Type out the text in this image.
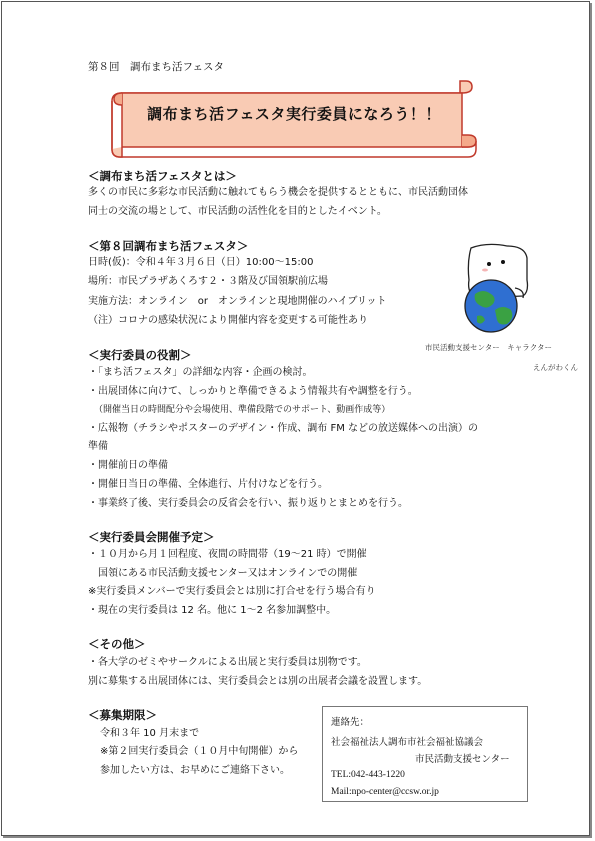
第８回　調布まち活フェスタ
調布まち活フェスタ実行委員になろう！！
＜調布まち活フェスタとは＞
多くの市民に多彩な市民活動に触れてもらう機会を提供するとともに、市民活動団体
同士の交流の場として、市民活動の活性化を目的としたイベント。
＜第８回調布まち活フェスタ＞
日時(仮)：令和４年３月６日（日）10:00～15:00
場所：市民プラザあくろす２・３階及び国領駅前広場
実施方法：オンライン　or　オンラインと現地開催のハイブリット
（注）コロナの感染状況により開催内容を変更する可能性あり
市民活動支援センター　キャラクター
えんがわくん
＜実行委員の役割＞
・「まち活フェスタ」の詳細な内容・企画の検討。
・出展団体に向けて、しっかりと準備できるよう情報共有や調整を行う。
（開催当日の時間配分や会場使用、準備段階でのサポート、動画作成等）
・広報物（チラシやポスターのデザイン・作成、調布 FM などの放送媒体への出演）の
準備
・開催前日の準備
・開催日当日の準備、全体進行、片付けなどを行う。
・事業終了後、実行委員会の反省会を行い、振り返りとまとめを行う。
＜実行委員会開催予定＞
・１０月から月１回程度、夜間の時間帯（19～21 時）で開催
　国領にある市民活動支援センター又はオンラインでの開催
※実行委員メンバーで実行委員会とは別に打合せを行う場合有り
・現在の実行委員は 12 名。他に 1～2 名参加調整中。
＜その他＞
・各大学のゼミやサークルによる出展と実行委員は別物です。
別に募集する出展団体には、実行委員会とは別の出展者会議を設置します。
＜募集期限＞
令和３年 10 月末まで
※第２回実行委員会（１０月中旬開催）から
参加したい方は、お早めにご連絡下さい。
連絡先：
社会福祉法人調布市社会福祉協議会
市民活動支援センター
TEL:042-443-1220
Mail:npo-center@ccsw.or.jp
